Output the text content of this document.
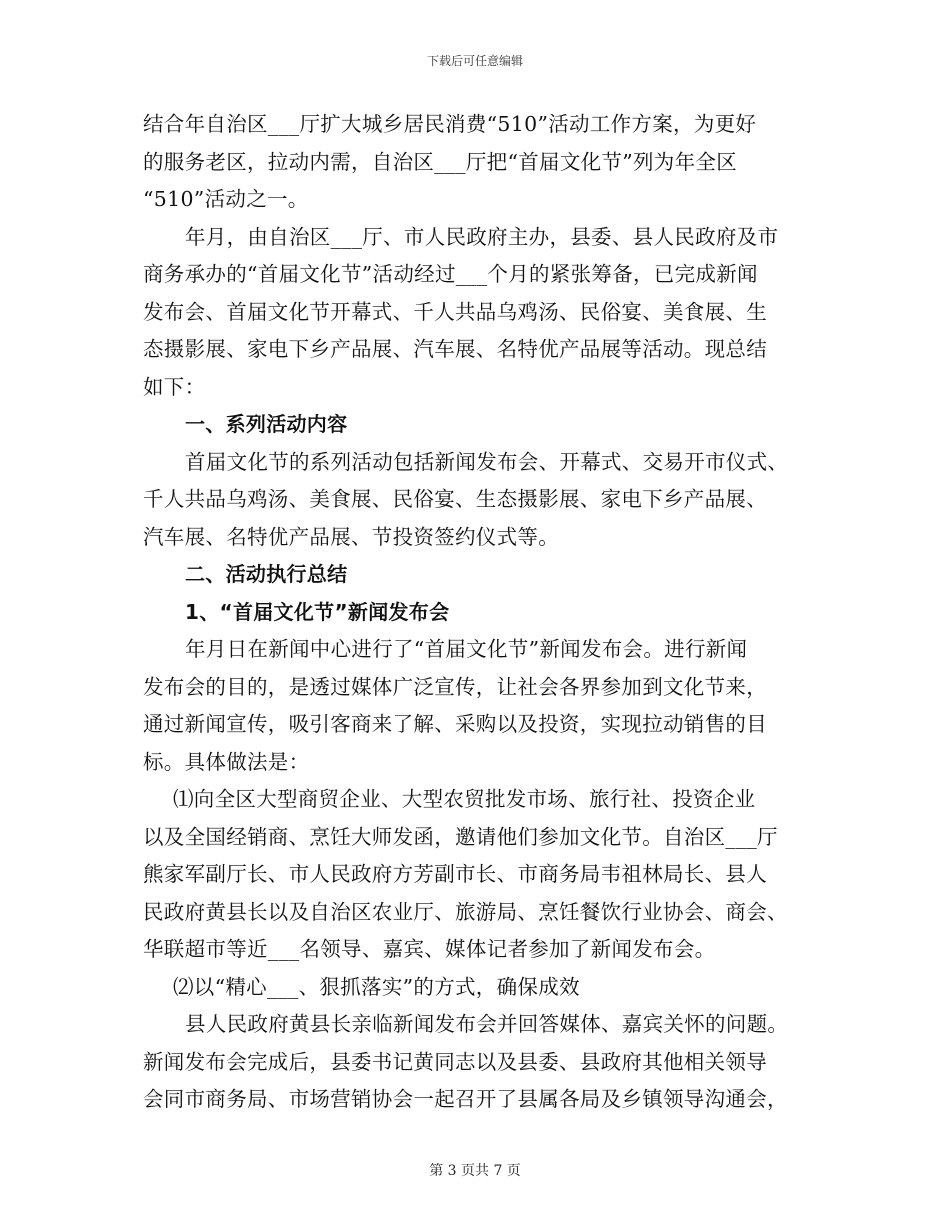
下载后可任意编辑
结合年自治区___厅扩大城乡居民消费“510”活动工作方案，为更好
的服务老区，拉动内需，自治区___厅把“首届文化节”列为年全区
“510”活动之一。
年月，由自治区___厅、市人民政府主办，县委、县人民政府及市
商务承办的“首届文化节”活动经过___个月的紧张筹备，已完成新闻
发布会、首届文化节开幕式、千人共品乌鸡汤、民俗宴、美食展、生
态摄影展、家电下乡产品展、汽车展、名特优产品展等活动。现总结
如下：
一、系列活动内容
首届文化节的系列活动包括新闻发布会、开幕式、交易开市仪式、
千人共品乌鸡汤、美食展、民俗宴、生态摄影展、家电下乡产品展、
汽车展、名特优产品展、节投资签约仪式等。
二、活动执行总结
1、“首届文化节”新闻发布会
年月日在新闻中心进行了“首届文化节”新闻发布会。进行新闻
发布会的目的，是透过媒体广泛宣传，让社会各界参加到文化节来，
通过新闻宣传，吸引客商来了解、采购以及投资，实现拉动销售的目
标。具体做法是：
⑴向全区大型商贸企业、大型农贸批发市场、旅行社、投资企业
以及全国经销商、烹饪大师发函，邀请他们参加文化节。自治区___厅
熊家军副厅长、市人民政府方芳副市长、市商务局韦祖林局长、县人
民政府黄县长以及自治区农业厅、旅游局、烹饪餐饮行业协会、商会、
华联超市等近___名领导、嘉宾、媒体记者参加了新闻发布会。
⑵以“精心___、狠抓落实”的方式，确保成效
县人民政府黄县长亲临新闻发布会并回答媒体、嘉宾关怀的问题。
新闻发布会完成后，县委书记黄同志以及县委、县政府其他相关领导
会同市商务局、市场营销协会一起召开了县属各局及乡镇领导沟通会，
第 3 页共 7 页
